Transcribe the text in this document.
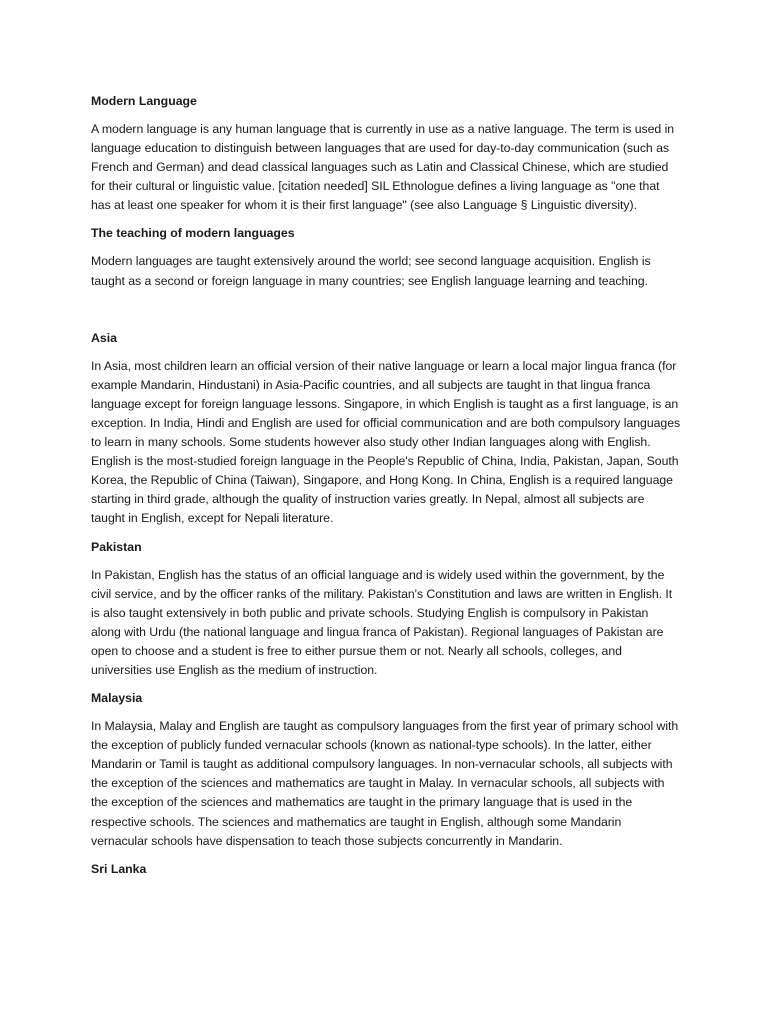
Modern Language

A modern language is any human language that is currently in use as a native language. The term is used in language education to distinguish between languages that are used for day-to-day communication (such as French and German) and dead classical languages such as Latin and Classical Chinese, which are studied for their cultural or linguistic value. [citation needed] SIL Ethnologue defines a living language as "one that has at least one speaker for whom it is their first language" (see also Language § Linguistic diversity).

The teaching of modern languages

Modern languages are taught extensively around the world; see second language acquisition. English is taught as a second or foreign language in many countries; see English language learning and teaching.

Asia

In Asia, most children learn an official version of their native language or learn a local major lingua franca (for example Mandarin, Hindustani) in Asia-Pacific countries, and all subjects are taught in that lingua franca language except for foreign language lessons. Singapore, in which English is taught as a first language, is an exception. In India, Hindi and English are used for official communication and are both compulsory languages to learn in many schools. Some students however also study other Indian languages along with English. English is the most-studied foreign language in the People's Republic of China, India, Pakistan, Japan, South Korea, the Republic of China (Taiwan), Singapore, and Hong Kong. In China, English is a required language starting in third grade, although the quality of instruction varies greatly. In Nepal, almost all subjects are taught in English, except for Nepali literature.

Pakistan

In Pakistan, English has the status of an official language and is widely used within the government, by the civil service, and by the officer ranks of the military. Pakistan's Constitution and laws are written in English. It is also taught extensively in both public and private schools. Studying English is compulsory in Pakistan along with Urdu (the national language and lingua franca of Pakistan). Regional languages of Pakistan are open to choose and a student is free to either pursue them or not. Nearly all schools, colleges, and universities use English as the medium of instruction.

Malaysia

In Malaysia, Malay and English are taught as compulsory languages from the first year of primary school with the exception of publicly funded vernacular schools (known as national-type schools). In the latter, either Mandarin or Tamil is taught as additional compulsory languages. In non-vernacular schools, all subjects with the exception of the sciences and mathematics are taught in Malay. In vernacular schools, all subjects with the exception of the sciences and mathematics are taught in the primary language that is used in the respective schools. The sciences and mathematics are taught in English, although some Mandarin vernacular schools have dispensation to teach those subjects concurrently in Mandarin.

Sri Lanka
